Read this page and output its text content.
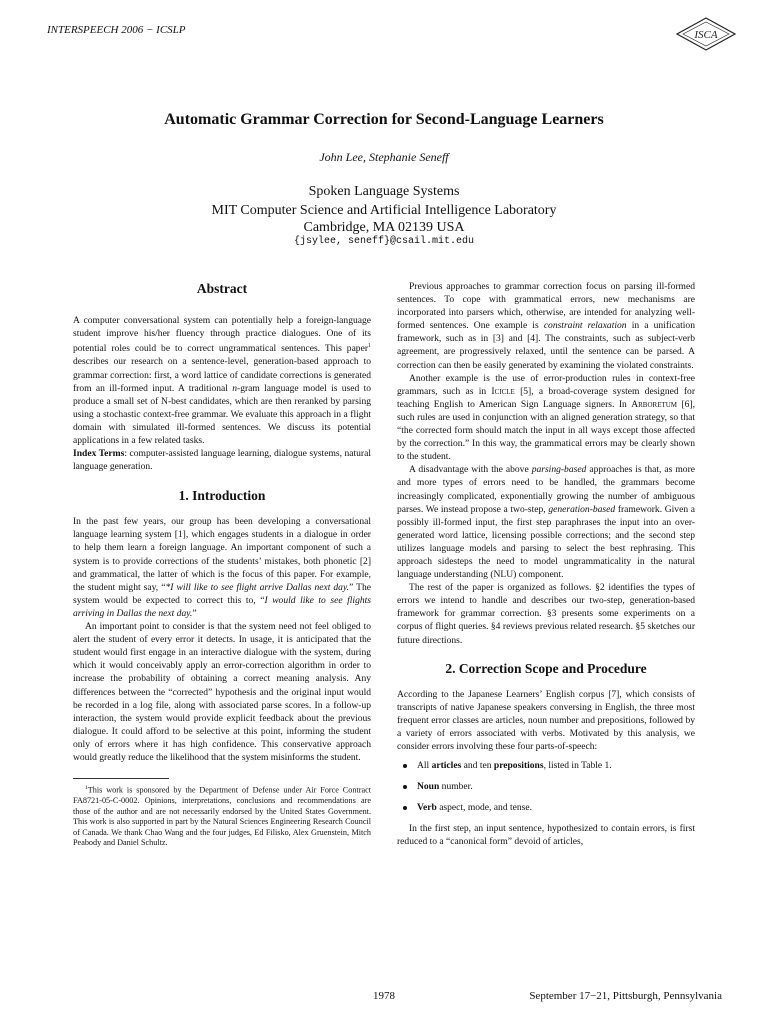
INTERSPEECH 2006 − ICSLP	ISCA
Automatic Grammar Correction for Second-Language Learners
John Lee, Stephanie Seneff
Spoken Language Systems
MIT Computer Science and Artificial Intelligence Laboratory
Cambridge, MA 02139 USA
{jsylee, seneff}@csail.mit.edu
Abstract

A computer conversational system can potentially help a foreign-language student improve his/her fluency through practice dialogues. One of its potential roles could be to correct ungrammatical sentences. This paper$^1$ describes our research on a sentence-level, generation-based approach to grammar correction: first, a word lattice of candidate corrections is generated from an ill-formed input. A traditional n-gram language model is used to produce a small set of N-best candidates, which are then reranked by parsing using a stochastic context-free grammar. We evaluate this approach in a flight domain with simulated ill-formed sentences. We discuss its potential applications in a few related tasks.

Index Terms: computer-assisted language learning, dialogue systems, natural language generation.

1. Introduction

In the past few years, our group has been developing a conversational language learning system [1], which engages students in a dialogue in order to help them learn a foreign language. An important component of such a system is to provide corrections of the students’ mistakes, both phonetic [2] and grammatical, the latter of which is the focus of this paper. For example, the student might say, “*I will like to see flight arrive Dallas next day.” The system would be expected to correct this to, “I would like to see flights arriving in Dallas the next day.”

An important point to consider is that the system need not feel obliged to alert the student of every error it detects. In usage, it is anticipated that the student would first engage in an interactive dialogue with the system, during which it would conceivably apply an error-correction algorithm in order to increase the probability of obtaining a correct meaning analysis. Any differences between the “corrected” hypothesis and the original input would be recorded in a log file, along with associated parse scores. In a follow-up interaction, the system would provide explicit feedback about the previous dialogue. It could afford to be selective at this point, informing the student only of errors where it has high confidence. This conservative approach would greatly reduce the likelihood that the system misinforms the student.

$^1$This work is sponsored by the Department of Defense under Air Force Contract FA8721-05-C-0002. Opinions, interpretations, conclusions and recommendations are those of the author and are not necessarily endorsed by the United States Government. This work is also supported in part by the Natural Sciences Engineering Research Council of Canada. We thank Chao Wang and the four judges, Ed Filisko, Alex Gruenstein, Mitch Peabody and Daniel Schultz.

Previous approaches to grammar correction focus on parsing ill-formed sentences. To cope with grammatical errors, new mechanisms are incorporated into parsers which, otherwise, are intended for analyzing well-formed sentences. One example is constraint relaxation in a unification framework, such as in [3] and [4]. The constraints, such as subject-verb agreement, are progressively relaxed, until the sentence can be parsed. A correction can then be easily generated by examining the violated constraints.

Another example is the use of error-production rules in context-free grammars, such as in Icicle [5], a broad-coverage system designed for teaching English to American Sign Language signers. In Arboretum [6], such rules are used in conjunction with an aligned generation strategy, so that “the corrected form should match the input in all ways except those affected by the correction.” In this way, the grammatical errors may be clearly shown to the student.

A disadvantage with the above parsing-based approaches is that, as more and more types of errors need to be handled, the grammars become increasingly complicated, exponentially growing the number of ambiguous parses. We instead propose a two-step, generation-based framework. Given a possibly ill-formed input, the first step paraphrases the input into an over-generated word lattice, licensing possible corrections; and the second step utilizes language models and parsing to select the best rephrasing. This approach sidesteps the need to model ungrammaticality in the natural language understanding (NLU) component.

The rest of the paper is organized as follows. §2 identifies the types of errors we intend to handle and describes our two-step, generation-based framework for grammar correction. §3 presents some experiments on a corpus of flight queries. §4 reviews previous related research. §5 sketches our future directions.

2. Correction Scope and Procedure

According to the Japanese Learners’ English corpus [7], which consists of transcripts of native Japanese speakers conversing in English, the three most frequent error classes are articles, noun number and prepositions, followed by a variety of errors associated with verbs. Motivated by this analysis, we consider errors involving these four parts-of-speech:

All articles and ten prepositions, listed in Table 1.
Noun number.
Verb aspect, mode, and tense.

In the first step, an input sentence, hypothesized to contain errors, is first reduced to a “canonical form” devoid of articles,

1978	September 17−21, Pittsburgh, Pennsylvania
